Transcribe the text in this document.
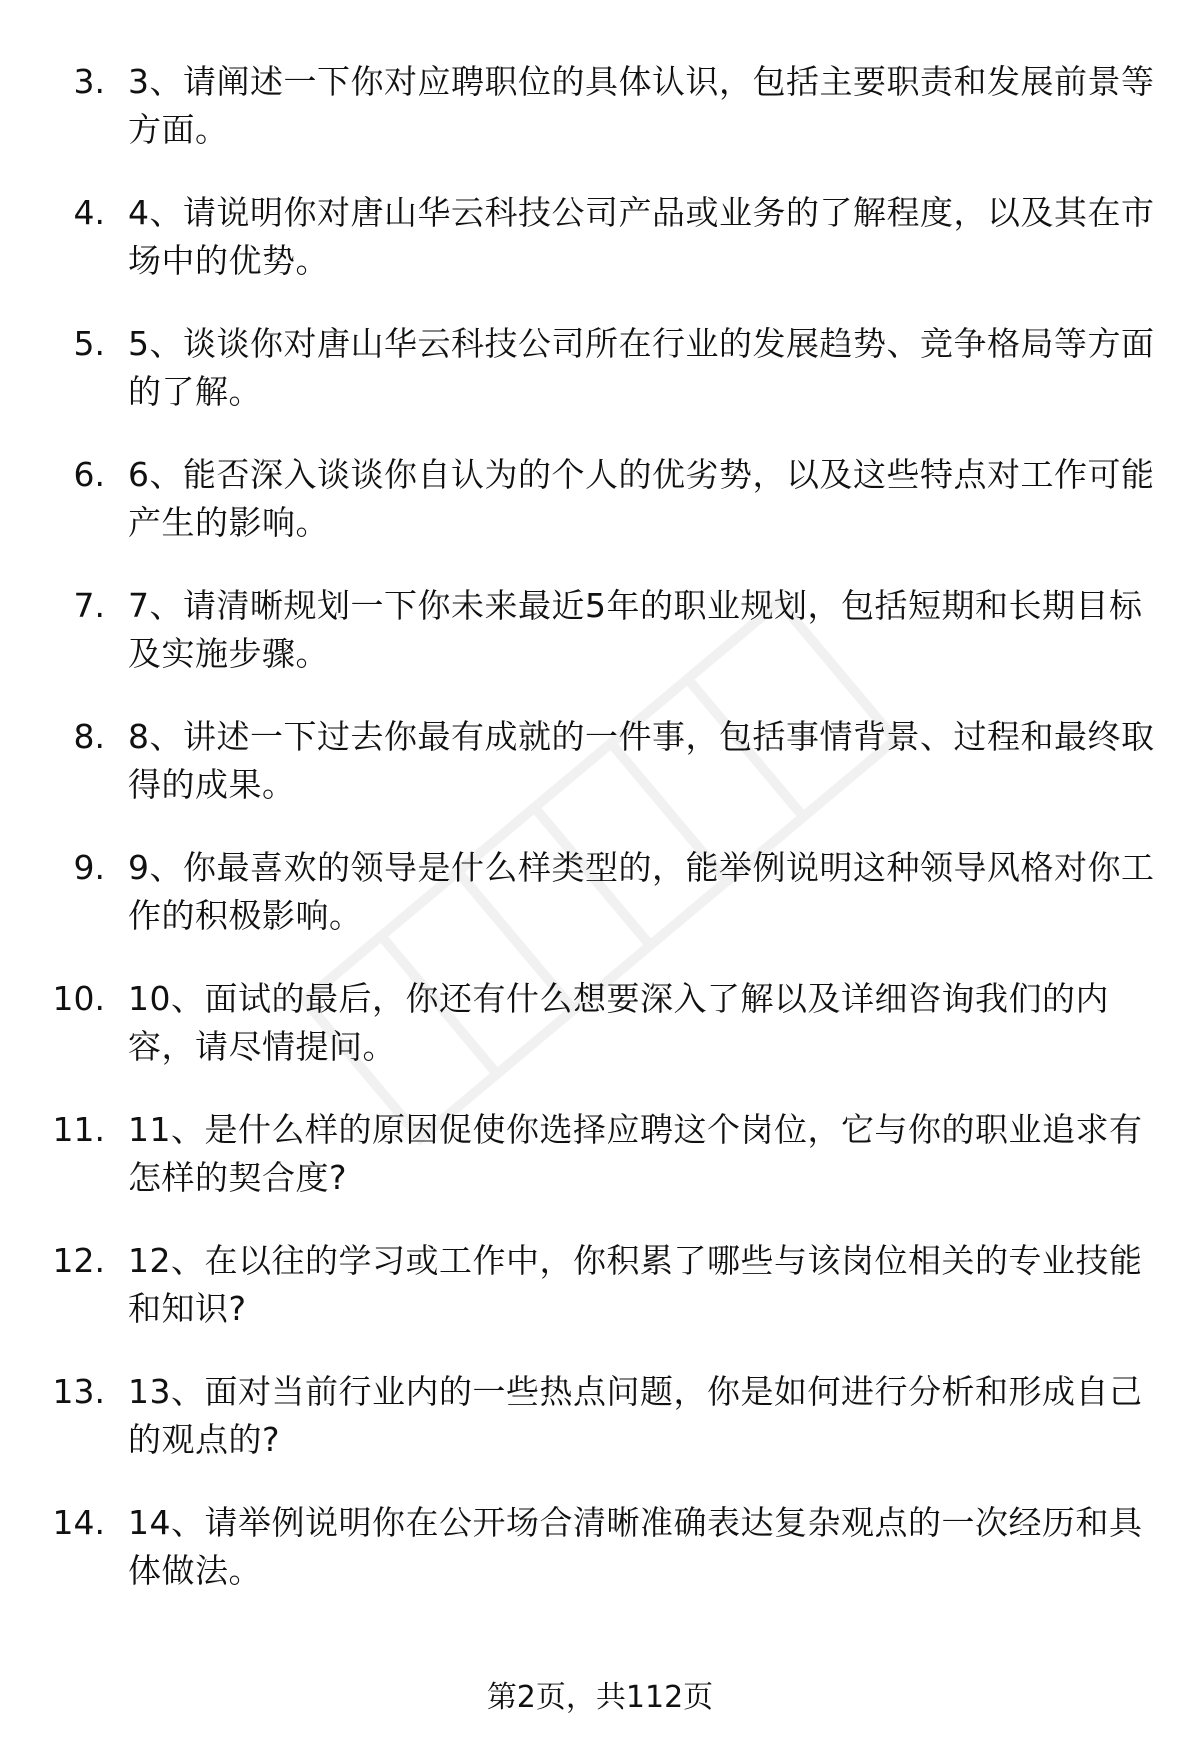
3. 3、请阐述一下你对应聘职位的具体认识，包括主要职责和发展前景等方面。
4. 4、请说明你对唐山华云科技公司产品或业务的了解程度，以及其在市场中的优势。
5. 5、谈谈你对唐山华云科技公司所在行业的发展趋势、竞争格局等方面的了解。
6. 6、能否深入谈谈你自认为的个人的优劣势，以及这些特点对工作可能产生的影响。
7. 7、请清晰规划一下你未来最近5年的职业规划，包括短期和长期目标及实施步骤。
8. 8、讲述一下过去你最有成就的一件事，包括事情背景、过程和最终取得的成果。
9. 9、你最喜欢的领导是什么样类型的，能举例说明这种领导风格对你工作的积极影响。
10. 10、面试的最后，你还有什么想要深入了解以及详细咨询我们的内容，请尽情提问。
11. 11、是什么样的原因促使你选择应聘这个岗位，它与你的职业追求有怎样的契合度?
12. 12、在以往的学习或工作中，你积累了哪些与该岗位相关的专业技能和知识?
13. 13、面对当前行业内的一些热点问题，你是如何进行分析和形成自己的观点的?
14. 14、请举例说明你在公开场合清晰准确表达复杂观点的一次经历和具体做法。
第2页，共112页
